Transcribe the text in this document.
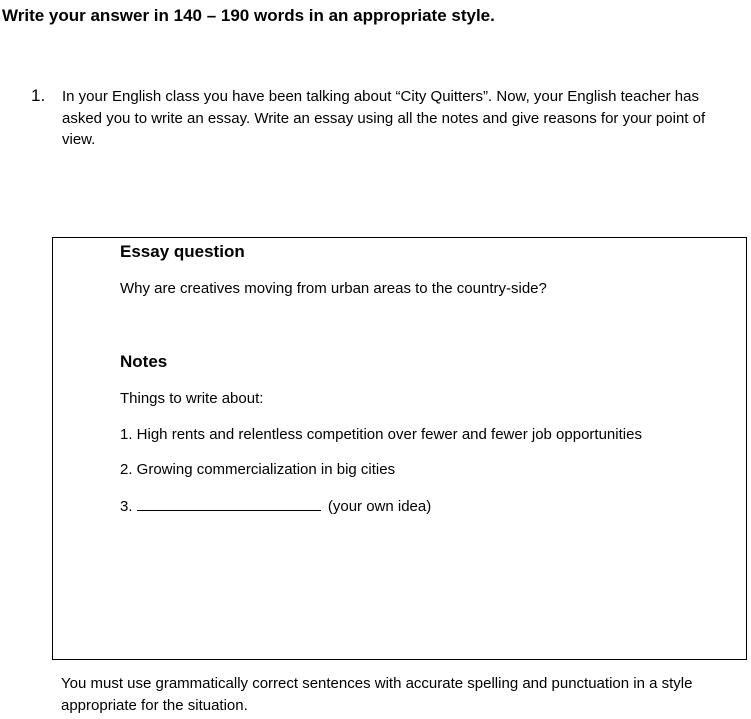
Write your answer in 140 – 190 words in an appropriate style.
1. In your English class you have been talking about “City Quitters”. Now, your English teacher has
asked you to write an essay. Write an essay using all the notes and give reasons for your point of
view.
Essay question
Why are creatives moving from urban areas to the country-side?
Notes
Things to write about:
1. High rents and relentless competition over fewer and fewer job opportunities
2. Growing commercialization in big cities
3.	(your own idea)
You must use grammatically correct sentences with accurate spelling and punctuation in a style
appropriate for the situation.
